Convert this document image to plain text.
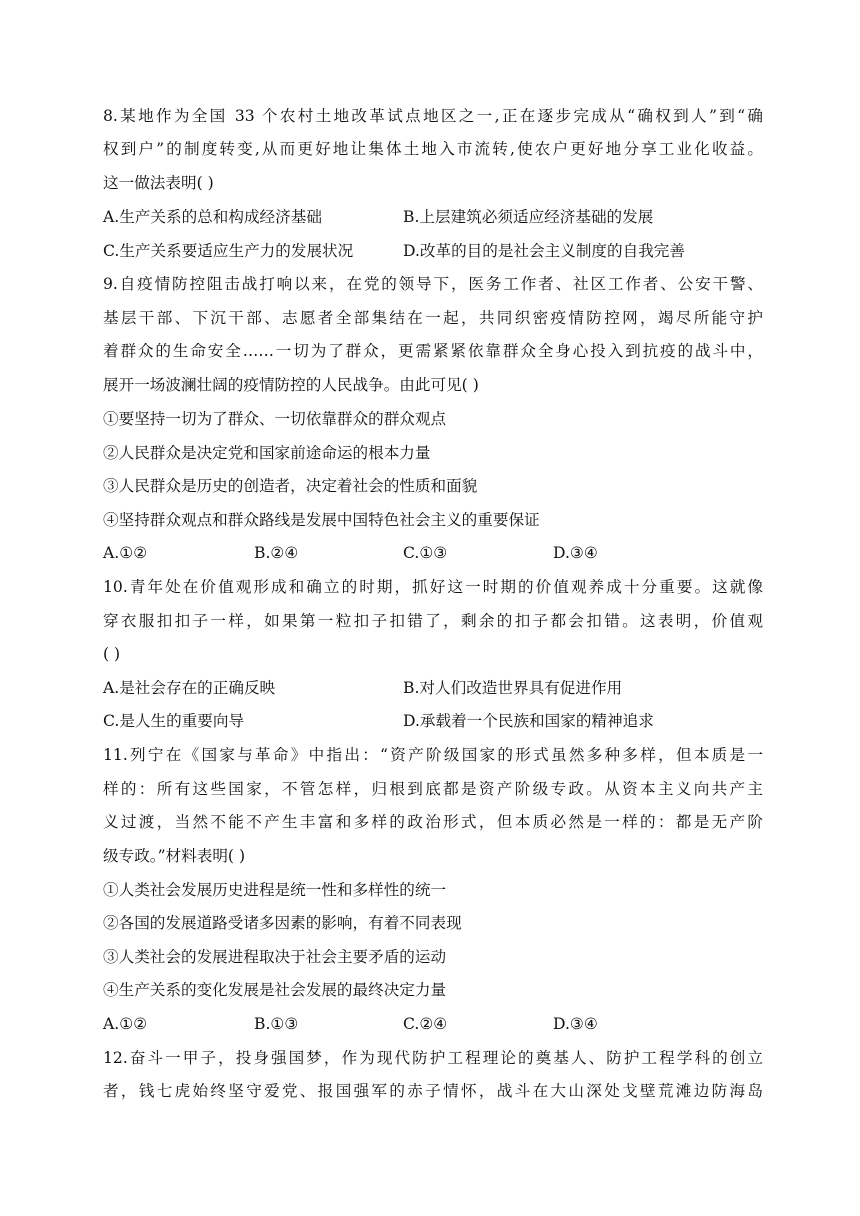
8.某地作为全国 33 个农村土地改革试点地区之一,正在逐步完成从“确权到人”到“确
权到户”的制度转变,从而更好地让集体土地入市流转,使农户更好地分享工业化收益。
这一做法表明( )
A.生产关系的总和构成经济基础	B.上层建筑必须适应经济基础的发展
C.生产关系要适应生产力的发展状况	D.改革的目的是社会主义制度的自我完善
9.自疫情防控阻击战打响以来，在党的领导下，医务工作者、社区工作者、公安干警、
基层干部、下沉干部、志愿者全部集结在一起，共同织密疫情防控网，竭尽所能守护
着群众的生命安全……一切为了群众，更需紧紧依靠群众全身心投入到抗疫的战斗中，
展开一场波澜壮阔的疫情防控的人民战争。由此可见( )
①要坚持一切为了群众、一切依靠群众的群众观点
②人民群众是决定党和国家前途命运的根本力量
③人民群众是历史的创造者，决定着社会的性质和面貌
④坚持群众观点和群众路线是发展中国特色社会主义的重要保证
A.①②	B.②④	C.①③	D.③④
10.青年处在价值观形成和确立的时期，抓好这一时期的价值观养成十分重要。这就像
穿衣服扣扣子一样，如果第一粒扣子扣错了，剩余的扣子都会扣错。这表明，价值观
( )
A.是社会存在的正确反映	B.对人们改造世界具有促进作用
C.是人生的重要向导	D.承载着一个民族和国家的精神追求
11.列宁在《国家与革命》中指出：“资产阶级国家的形式虽然多种多样，但本质是一
样的：所有这些国家，不管怎样，归根到底都是资产阶级专政。从资本主义向共产主
义过渡，当然不能不产生丰富和多样的政治形式，但本质必然是一样的：都是无产阶
级专政。”材料表明( )
①人类社会发展历史进程是统一性和多样性的统一
②各国的发展道路受诸多因素的影响，有着不同表现
③人类社会的发展进程取决于社会主要矛盾的运动
④生产关系的变化发展是社会发展的最终决定力量
A.①②	B.①③	C.②④	D.③④
12.奋斗一甲子，投身强国梦，作为现代防护工程理论的奠基人、防护工程学科的创立
者，钱七虎始终坚守爱党、报国强军的赤子情怀，战斗在大山深处戈壁荒滩边防海岛
